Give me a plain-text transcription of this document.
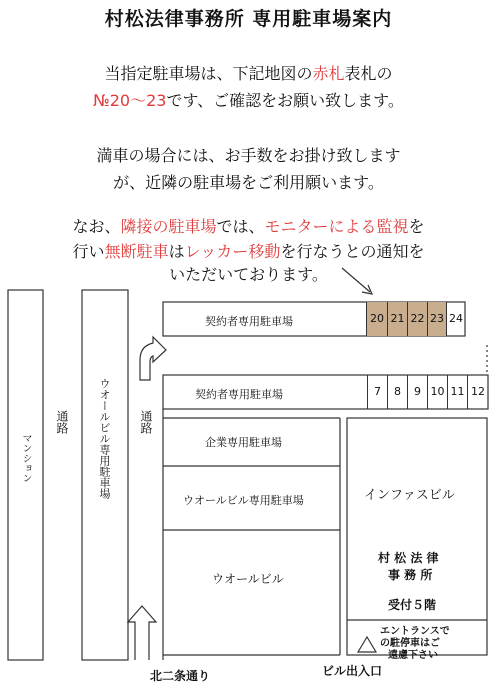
村松法律事務所 専用駐車場案内
当指定駐車場は、下記地図の赤札表札の
№20～23です、ご確認をお願い致します。
満車の場合には、お手数をお掛け致します
が、近隣の駐車場をご利用願います。
なお、隣接の駐車場では、モニターによる監視を
行い無断駐車はレッカー移動を行なうとの通知を
いただいております。
マンション
通路	ウオールビル専用駐車場 通路
契約者専用駐車場	20 21 22 23 24
契約者専用駐車場	7	8	9 10 11 12
企業専用駐車場
ウオールビル専用駐車場
ウオールビル
インファスビル
村 松 法 律
事 務 所
受付５階
エントランスで
の駐停車はご
遠慮下さい
北二条通り	ビル出入口
